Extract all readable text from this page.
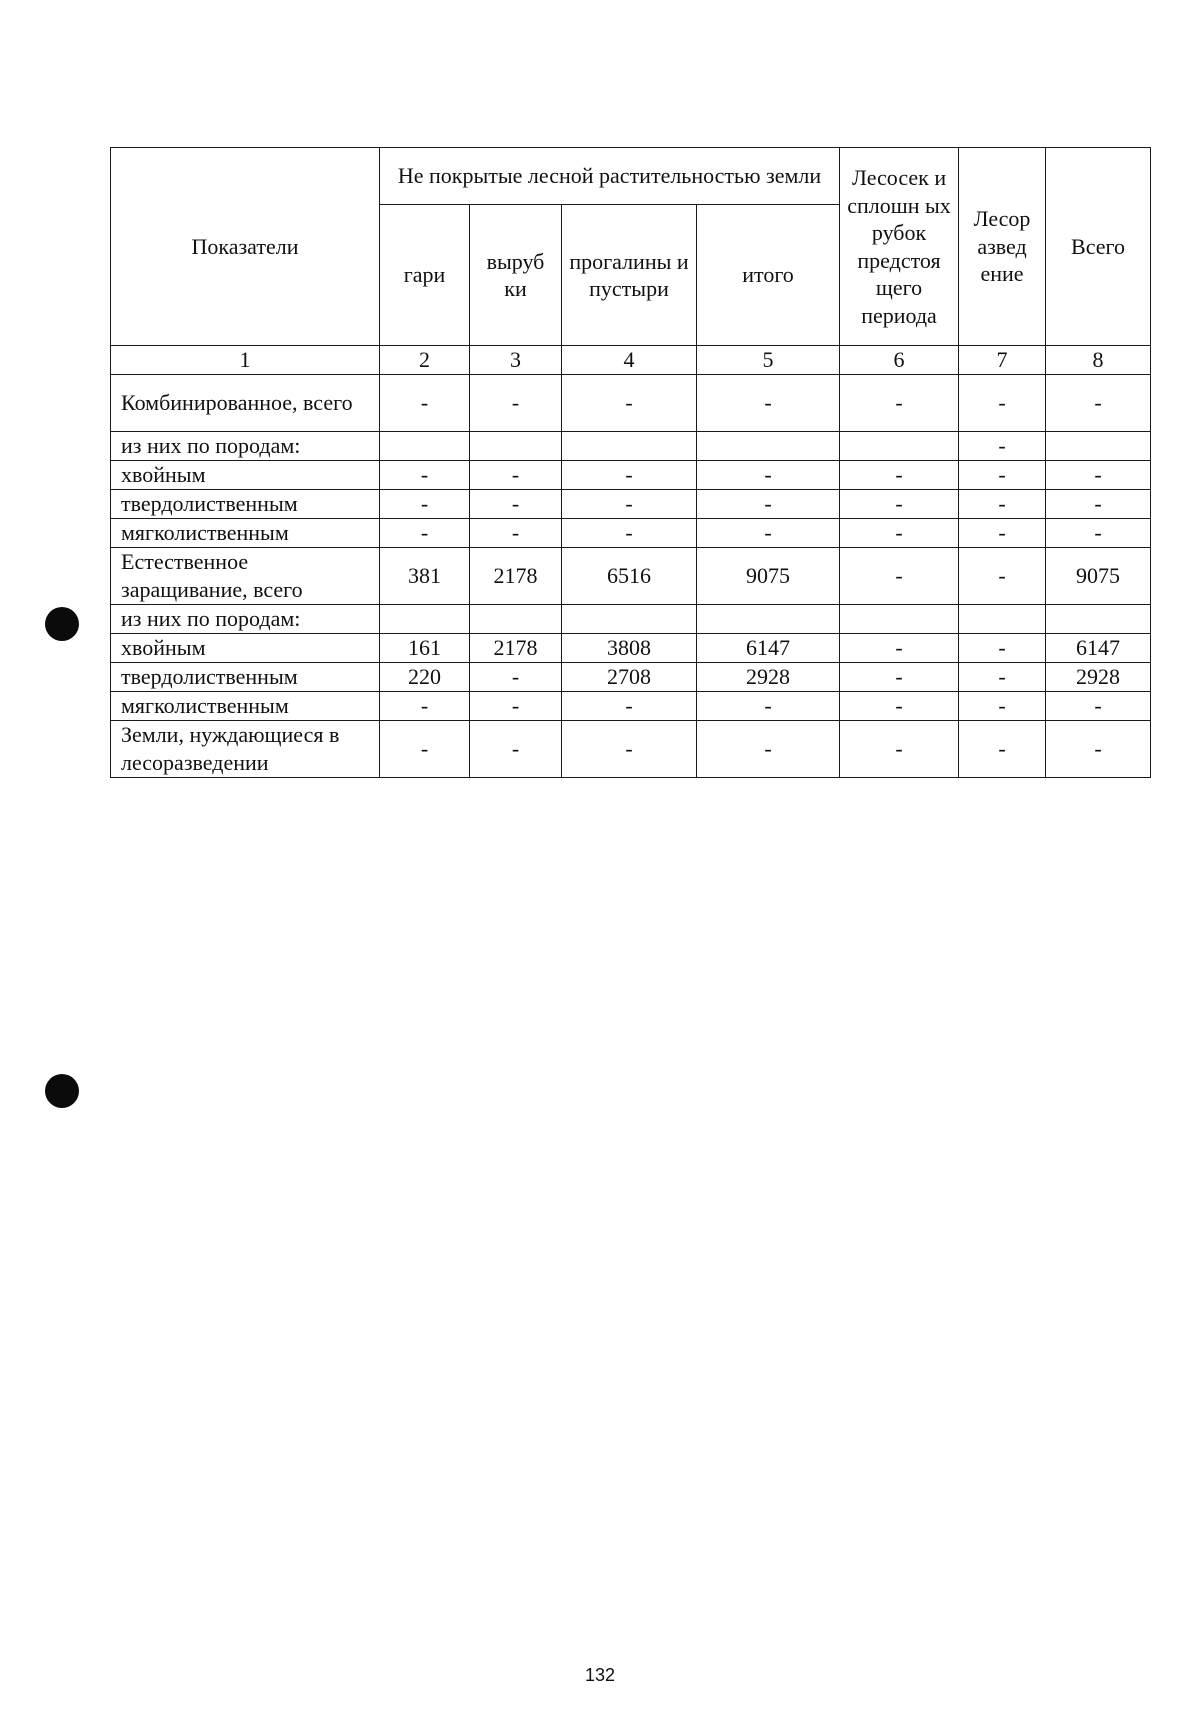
Показатели	Не покрытые лесной растительностью земли				Лесосек и сплошн ых рубок предстоя щего периода	Лесор азвед ение	Всего
	гари	выруб ки	прогалины и пустыри	итого			
1	2	3	4	5	6	7	8
Комбинированное, всего	-	-	-	-	-	-	-
из них по породам:						-	
хвойным	-	-	-	-	-	-	-
твердолиственным	-	-	-	-	-	-	-
мягколиственным	-	-	-	-	-	-	-
Естественное заращивание, всего	381	2178	6516	9075	-	-	9075
из них по породам:							
хвойным	161	2178	3808	6147	-	-	6147
твердолиственным	220	-	2708	2928	-	-	2928
мягколиственным	-	-	-	-	-	-	-
Земли, нуждающиеся в лесоразведении	-	-	-	-	-	-	-
132
